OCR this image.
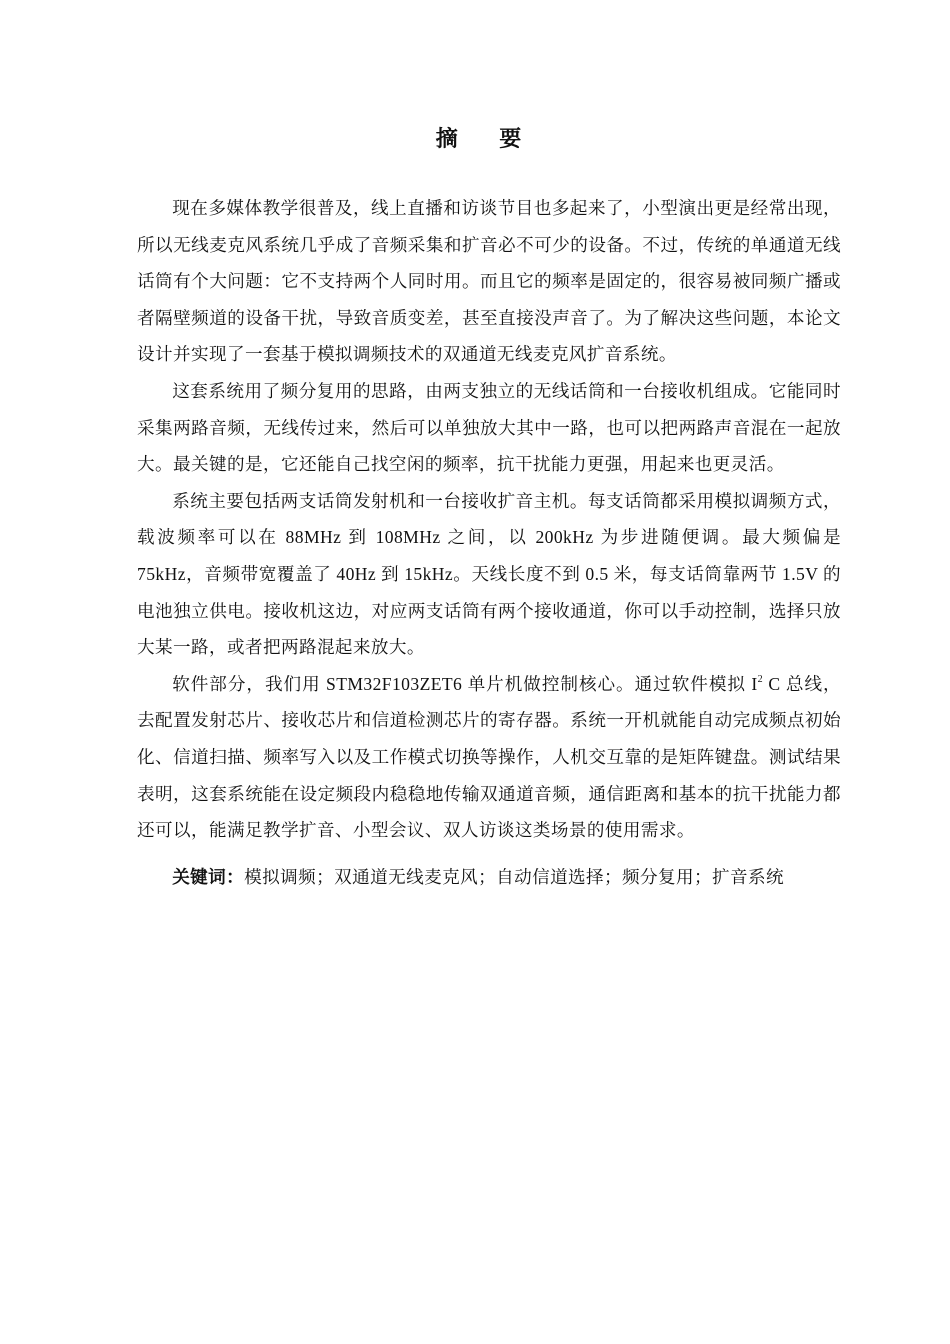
摘 要

现在多媒体教学很普及，线上直播和访谈节目也多起来了，小型演出更是经常出现，所以无线麦克风系统几乎成了音频采集和扩音必不可少的设备。不过，传统的单通道无线话筒有个大问题：它不支持两个人同时用。而且它的频率是固定的，很容易被同频广播或者隔壁频道的设备干扰，导致音质变差，甚至直接没声音了。为了解决这些问题，本论文设计并实现了一套基于模拟调频技术的双通道无线麦克风扩音系统。

这套系统用了频分复用的思路，由两支独立的无线话筒和一台接收机组成。它能同时采集两路音频，无线传过来，然后可以单独放大其中一路，也可以把两路声音混在一起放大。最关键的是，它还能自己找空闲的频率，抗干扰能力更强，用起来也更灵活。

系统主要包括两支话筒发射机和一台接收扩音主机。每支话筒都采用模拟调频方式，载波频率可以在 88MHz 到 108MHz 之间，以 200kHz 为步进随便调。最大频偏是 75kHz，音频带宽覆盖了 40Hz 到 15kHz。天线长度不到 0.5 米，每支话筒靠两节 1.5V 的电池独立供电。接收机这边，对应两支话筒有两个接收通道，你可以手动控制，选择只放大某一路，或者把两路混起来放大。

软件部分，我们用 STM32F103ZET6 单片机做控制核心。通过软件模拟 $I^2$ C 总线，去配置发射芯片、接收芯片和信道检测芯片的寄存器。系统一开机就能自动完成频点初始化、信道扫描、频率写入以及工作模式切换等操作，人机交互靠的是矩阵键盘。测试结果表明，这套系统能在设定频段内稳稳地传输双通道音频，通信距离和基本的抗干扰能力都还可以，能满足教学扩音、小型会议、双人访谈这类场景的使用需求。

关键词：模拟调频；双通道无线麦克风；自动信道选择；频分复用；扩音系统
